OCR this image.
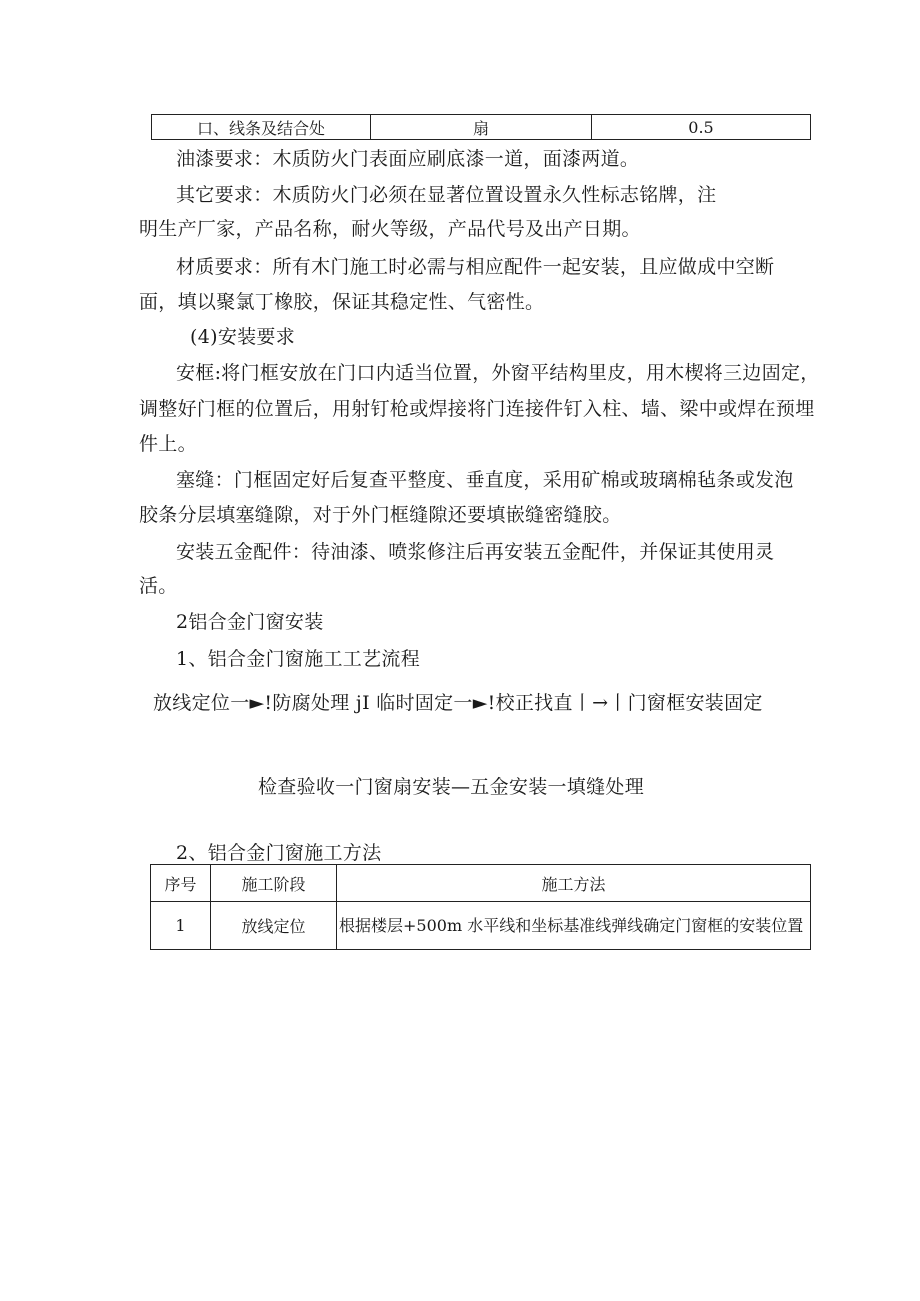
口、线条及结合处	扇	0.5
油漆要求：木质防火门表面应刷底漆一道，面漆两道。
其它要求：木质防火门必须在显著位置设置永久性标志铭牌，注
明生产厂家，产品名称，耐火等级，产品代号及出产日期。
材质要求：所有木门施工时必需与相应配件一起安装，且应做成中空断
面，填以聚氯丁橡胶，保证其稳定性、气密性。
(4)安装要求
安框:将门框安放在门口内适当位置，外窗平结构里皮，用木楔将三边固定，
调整好门框的位置后，用射钉枪或焊接将门连接件钉入柱、墙、梁中或焊在预埋
件上。
塞缝：门框固定好后复查平整度、垂直度，采用矿棉或玻璃棉毡条或发泡
胶条分层填塞缝隙，对于外门框缝隙还要填嵌缝密缝胶。
安装五金配件：待油漆、喷浆修注后再安装五金配件，并保证其使用灵
活。
2铝合金门窗安装
1、铝合金门窗施工工艺流程
放线定位一►!防腐处理 jI 临时固定一►!校正找直丨→丨门窗框安装固定
检查验收一门窗扇安装—五金安装一填缝处理
2、铝合金门窗施工方法
序号	施工阶段	施工方法
1	放线定位	根据楼层+500m 水平线和坐标基准线弹线确定门窗框的安装位置
